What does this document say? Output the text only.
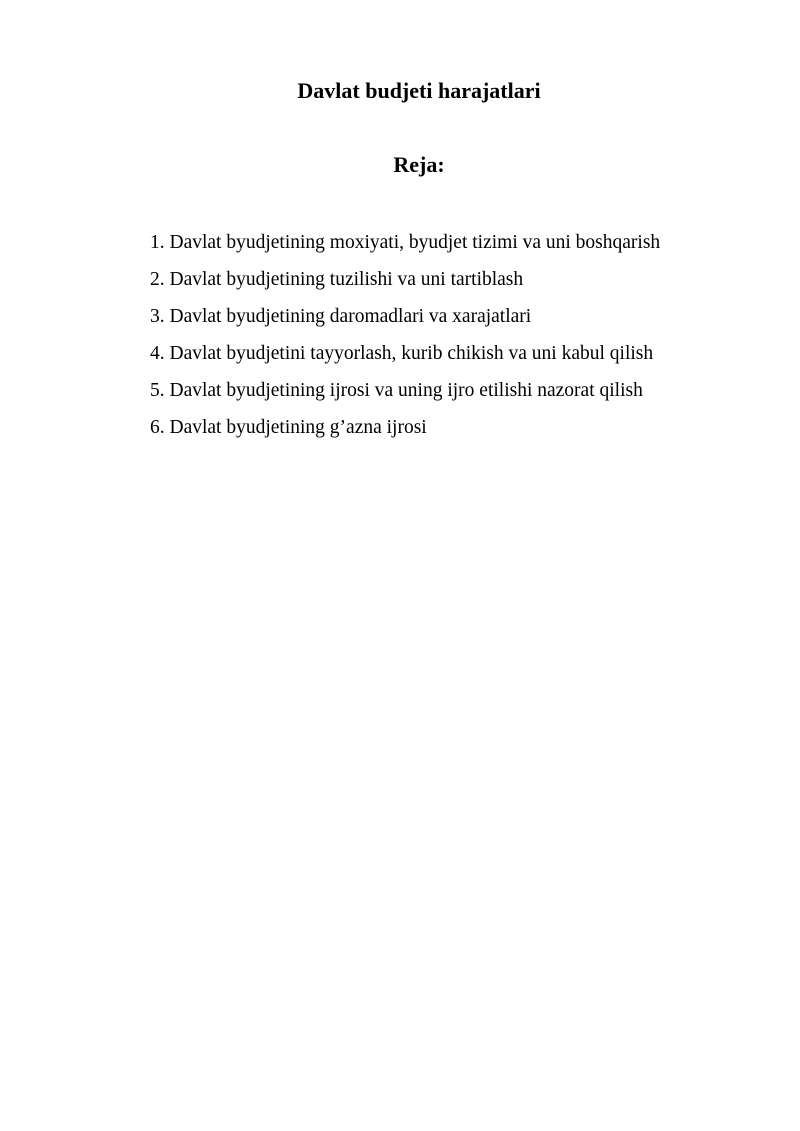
Davlat budjeti harajatlari
Reja:
1. Davlat byudjetining moxiyati, byudjet tizimi va uni boshqarish
2. Davlat byudjetining tuzilishi va uni tartiblash
3. Davlat byudjetining daromadlari va xarajatlari
4. Davlat byudjetini tayyorlash, kurib chikish va uni kabul qilish
5. Davlat byudjetining ijrosi va uning ijro etilishi nazorat qilish
6. Davlat byudjetining g’azna ijrosi
